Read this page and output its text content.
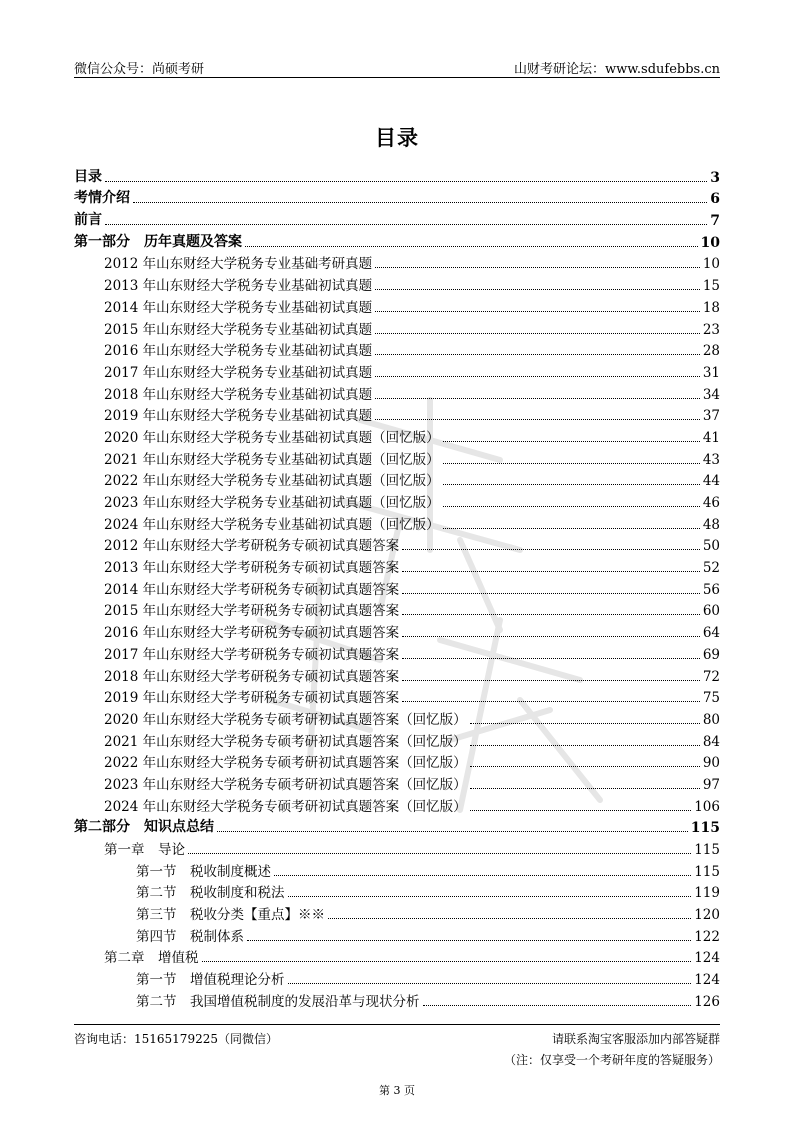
微信公众号：尚硕考研	山财考研论坛：www.sdufebbs.cn
目录
目录	3
考情介绍	6
前言	7
第一部分　历年真题及答案	10
2012 年山东财经大学税务专业基础考研真题	10
2013 年山东财经大学税务专业基础初试真题	15
2014 年山东财经大学税务专业基础初试真题	18
2015 年山东财经大学税务专业基础初试真题	23
2016 年山东财经大学税务专业基础初试真题	28
2017 年山东财经大学税务专业基础初试真题	31
2018 年山东财经大学税务专业基础初试真题	34
2019 年山东财经大学税务专业基础初试真题	37
2020 年山东财经大学税务专业基础初试真题（回忆版）	41
2021 年山东财经大学税务专业基础初试真题（回忆版）	43
2022 年山东财经大学税务专业基础初试真题（回忆版）	44
2023 年山东财经大学税务专业基础初试真题（回忆版）	46
2024 年山东财经大学税务专业基础初试真题（回忆版）	48
2012 年山东财经大学考研税务专硕初试真题答案	50
2013 年山东财经大学考研税务专硕初试真题答案	52
2014 年山东财经大学考研税务专硕初试真题答案	56
2015 年山东财经大学考研税务专硕初试真题答案	60
2016 年山东财经大学考研税务专硕初试真题答案	64
2017 年山东财经大学考研税务专硕初试真题答案	69
2018 年山东财经大学考研税务专硕初试真题答案	72
2019 年山东财经大学考研税务专硕初试真题答案	75
2020 年山东财经大学税务专硕考研初试真题答案（回忆版）	80
2021 年山东财经大学税务专硕考研初试真题答案（回忆版）	84
2022 年山东财经大学税务专硕考研初试真题答案（回忆版）	90
2023 年山东财经大学税务专硕考研初试真题答案（回忆版）	97
2024 年山东财经大学税务专硕考研初试真题答案（回忆版）	106
第二部分　知识点总结	115
第一章　导论	115
第一节　税收制度概述	115
第二节　税收制度和税法	119
第三节　税收分类【重点】※※	120
第四节　税制体系	122
第二章　增值税	124
第一节　增值税理论分析	124
第二节　我国增值税制度的发展沿革与现状分析	126
咨询电话：15165179225（同微信）	请联系淘宝客服添加内部答疑群
（注：仅享受一个考研年度的答疑服务）
第 3 页
